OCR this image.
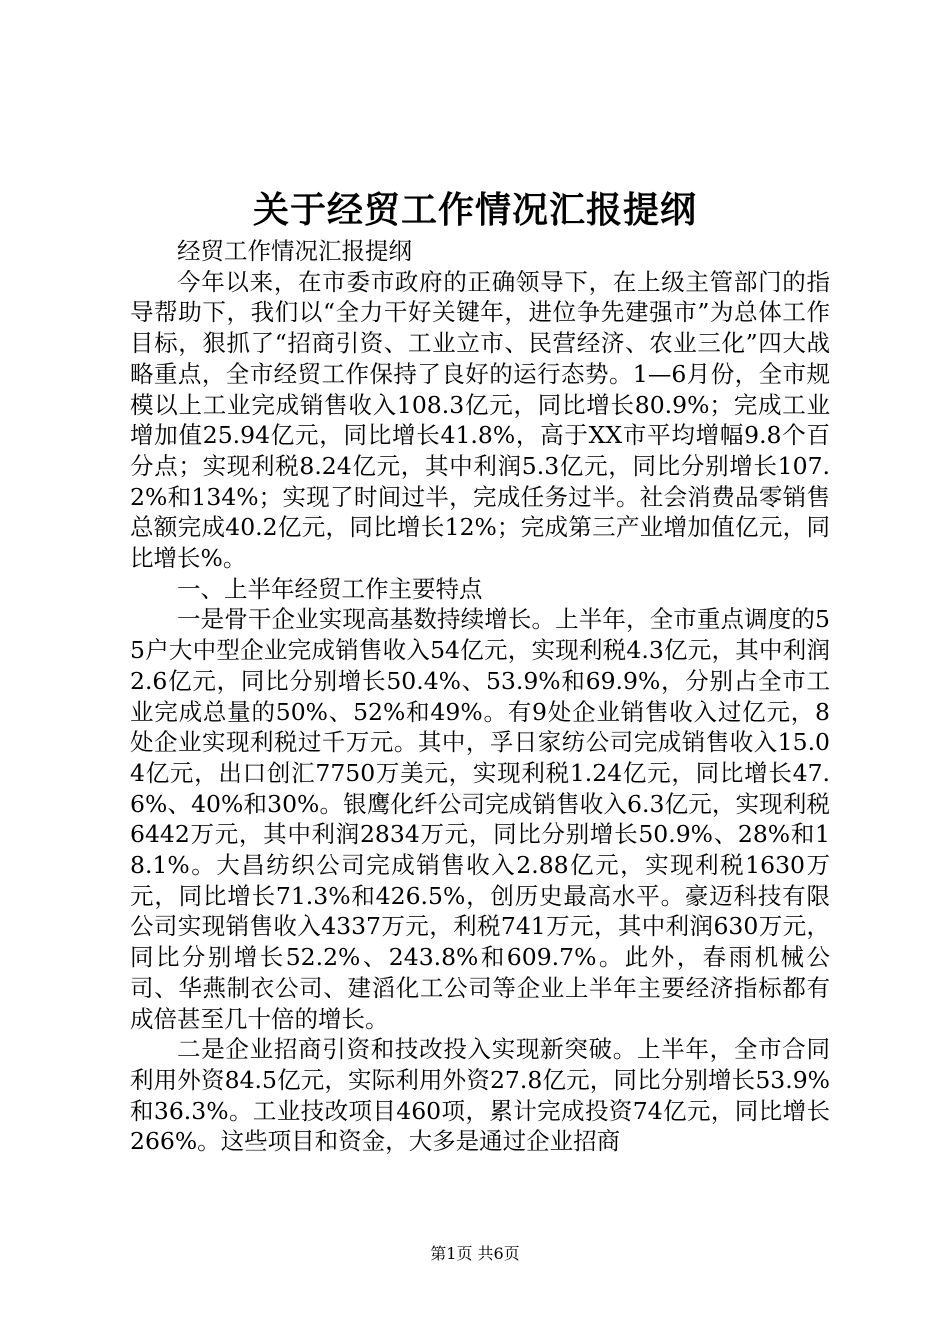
关于经贸工作情况汇报提纲

经贸工作情况汇报提纲

今年以来，在市委市政府的正确领导下，在上级主管部门的指导帮助下，我们以“全力干好关键年，进位争先建强市”为总体工作目标，狠抓了“招商引资、工业立市、民营经济、农业三化”四大战略重点，全市经贸工作保持了良好的运行态势。1—6月份，全市规模以上工业完成销售收入108.3亿元，同比增长80.9%；完成工业增加值25.94亿元，同比增长41.8%，高于XX市平均增幅9.8个百分点；实现利税8.24亿元，其中利润5.3亿元，同比分别增长107.2%和134%；实现了时间过半，完成任务过半。社会消费品零销售总额完成40.2亿元，同比增长12%；完成第三产业增加值亿元，同比增长%。

一、上半年经贸工作主要特点

一是骨干企业实现高基数持续增长。上半年，全市重点调度的55户大中型企业完成销售收入54亿元，实现利税4.3亿元，其中利润2.6亿元，同比分别增长50.4%、53.9%和69.9%，分别占全市工业完成总量的50%、52%和49%。有9处企业销售收入过亿元，8处企业实现利税过千万元。其中，孚日家纺公司完成销售收入15.04亿元，出口创汇7750万美元，实现利税1.24亿元，同比增长47.6%、40%和30%。银鹰化纤公司完成销售收入6.3亿元，实现利税6442万元，其中利润2834万元，同比分别增长50.9%、28%和18.1%。大昌纺织公司完成销售收入2.88亿元，实现利税1630万元，同比增长71.3%和426.5%，创历史最高水平。豪迈科技有限公司实现销售收入4337万元，利税741万元，其中利润630万元，同比分别增长52.2%、243.8%和609.7%。此外，春雨机械公司、华燕制衣公司、建滔化工公司等企业上半年主要经济指标都有成倍甚至几十倍的增长。

二是企业招商引资和技改投入实现新突破。上半年，全市合同利用外资84.5亿元，实际利用外资27.8亿元，同比分别增长53.9%和36.3%。工业技改项目460项，累计完成投资74亿元，同比增长266%。这些项目和资金，大多是通过企业招商

第1页 共6页
